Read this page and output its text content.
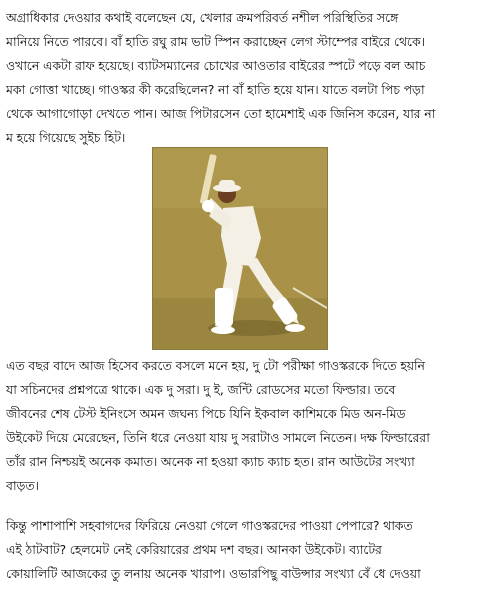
অগ্রাধিকার দেওয়ার কথাই বলেছেন যে, খেলার ক্রমপরিবর্ত নশীল পরিস্থিতির সঙ্গে
মানিয়ে নিতে পারবে। বাঁ হাতি রঘু রাম ভাট স্পিন করাচ্ছেন লেগ স্টাম্পের বাইরে থেকে।
ওখানে একটা রাফ হয়েছে। ব্যাটসম্যানের চোখের আওতার বাইরের স্পটে পড়ে বল আচ
মকা গোত্তা খাচ্ছে। গাওস্কর কী করেছিলেন? না বাঁ হাতি হয়ে যান। যাতে বলটা পিচ পড়া
থেকে আগাগোড়া দেখতে পান। আজ পিটারসেন তো হামেশাই এক জিনিস করেন, যার না
ম হয়ে গিয়েছে সুইচ হিট।

এত বছর বাদে আজ হিসেব করতে বসলে মনে হয়, দু টো পরীক্ষা গাওস্করকে দিতে হয়নি
যা সচিনদের প্রশ্নপত্রে থাকে। এক দু সরা। দু ই, জন্টি রোডসের মতো ফিল্ডার। তবে
জীবনের শেষ টেস্ট ইনিংসে অমন জঘন্য পিচে যিনি ইকবাল কাশিমকে মিড অন-মিড
উইকেট দিয়ে মেরেছেন, তিনি ধরে নেওয়া যায় দু সরাটাও সামলে নিতেন। দক্ষ ফিল্ডারেরা
তাঁর রান নিশ্চয়ই অনেক কমাত। অনেক না হওয়া ক্যাচ ক্যাচ হত। রান আউটের সংখ্যা
বাড়ত।

কিন্তু পাশাপাশি সহবাগদের ফিরিয়ে নেওয়া গেলে গাওস্করদের পাওয়া পেপারে? থাকত
এই ঠাটবাট? হেলমেট নেই কেরিয়ারের প্রথম দশ বছর। আনকা উইকেট। ব্যাটের
কোয়ালিটি আজকের তু লনায় অনেক খারাপ। ওভারপিছু বাউন্সার সংখ্যা বেঁ ধে দেওয়া
